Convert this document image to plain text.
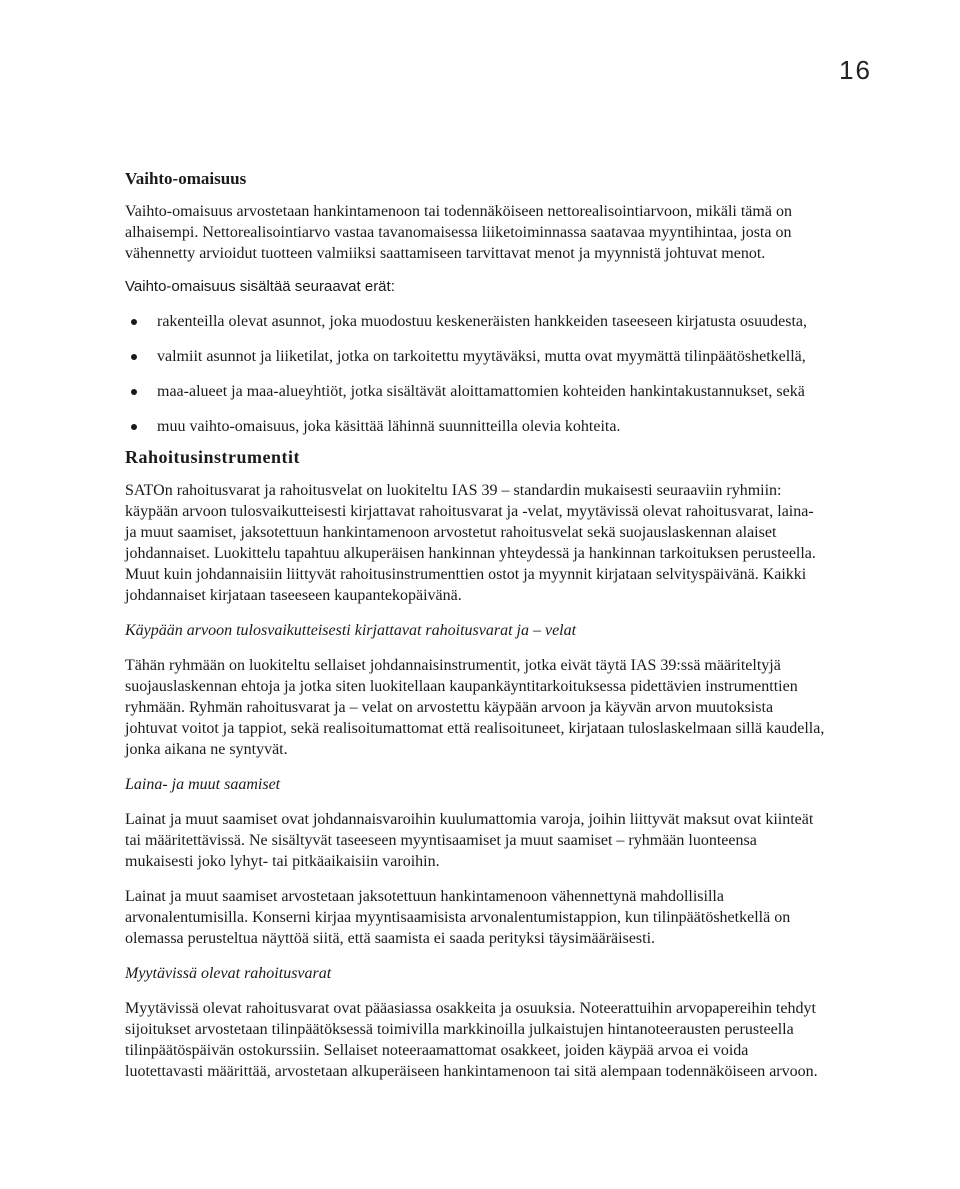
16
Vaihto-omaisuus

Vaihto-omaisuus arvostetaan hankintamenoon tai todennäköiseen nettorealisointiarvoon, mikäli tämä on alhaisempi. Nettorealisointiarvo vastaa tavanomaisessa liiketoiminnassa saatavaa myyntihintaa, josta on vähennetty arvioidut tuotteen valmiiksi saattamiseen tarvittavat menot ja myynnistä johtuvat menot.

Vaihto-omaisuus sisältää seuraavat erät:

rakenteilla olevat asunnot, joka muodostuu keskeneräisten hankkeiden taseeseen kirjatusta osuudesta,
valmiit asunnot ja liiketilat, jotka on tarkoitettu myytäväksi, mutta ovat myymättä tilinpäätöshetkellä,
maa-alueet ja maa-alueyhtiöt, jotka sisältävät aloittamattomien kohteiden hankintakustannukset, sekä
muu vaihto-omaisuus, joka käsittää lähinnä suunnitteilla olevia kohteita.
Rahoitusinstrumentit

SATOn rahoitusvarat ja rahoitusvelat on luokiteltu IAS 39 – standardin mukaisesti seuraaviin ryhmiin: käypään arvoon tulosvaikutteisesti kirjattavat rahoitusvarat ja -velat, myytävissä olevat rahoitusvarat, laina- ja muut saamiset, jaksotettuun hankintamenoon arvostetut rahoitusvelat sekä suojauslaskennan alaiset johdannaiset. Luokittelu tapahtuu alkuperäisen hankinnan yhteydessä ja hankinnan tarkoituksen perusteella. Muut kuin johdannaisiin liittyvät rahoitusinstrumenttien ostot ja myynnit kirjataan selvityspäivänä. Kaikki johdannaiset kirjataan taseeseen kaupantekopäivänä.

Käypään arvoon tulosvaikutteisesti kirjattavat rahoitusvarat ja – velat

Tähän ryhmään on luokiteltu sellaiset johdannaisinstrumentit, jotka eivät täytä IAS 39:ssä määriteltyjä suojauslaskennan ehtoja ja jotka siten luokitellaan kaupankäyntitarkoituksessa pidettävien instrumenttien ryhmään. Ryhmän rahoitusvarat ja – velat on arvostettu käypään arvoon ja käyvän arvon muutoksista johtuvat voitot ja tappiot, sekä realisoitumattomat että realisoituneet, kirjataan tuloslaskelmaan sillä kaudella, jonka aikana ne syntyvät.

Laina- ja muut saamiset

Lainat ja muut saamiset ovat johdannaisvaroihin kuulumattomia varoja, joihin liittyvät maksut ovat kiinteät tai määritettävissä. Ne sisältyvät taseeseen myyntisaamiset ja muut saamiset – ryhmään luonteensa mukaisesti joko lyhyt- tai pitkäaikaisiin varoihin.

Lainat ja muut saamiset arvostetaan jaksotettuun hankintamenoon vähennettynä mahdollisilla arvonalentumisilla. Konserni kirjaa myyntisaamisista arvonalentumistappion, kun tilinpäätöshetkellä on olemassa perusteltua näyttöä siitä, että saamista ei saada perityksi täysimääräisesti.

Myytävissä olevat rahoitusvarat

Myytävissä olevat rahoitusvarat ovat pääasiassa osakkeita ja osuuksia. Noteerattuihin arvopapereihin tehdyt sijoitukset arvostetaan tilinpäätöksessä toimivilla markkinoilla julkaistujen hintanoteerausten perusteella tilinpäätöspäivän ostokurssiin. Sellaiset noteeraamattomat osakkeet, joiden käypää arvoa ei voida luotettavasti määrittää, arvostetaan alkuperäiseen hankintamenoon tai sitä alempaan todennäköiseen arvoon.
